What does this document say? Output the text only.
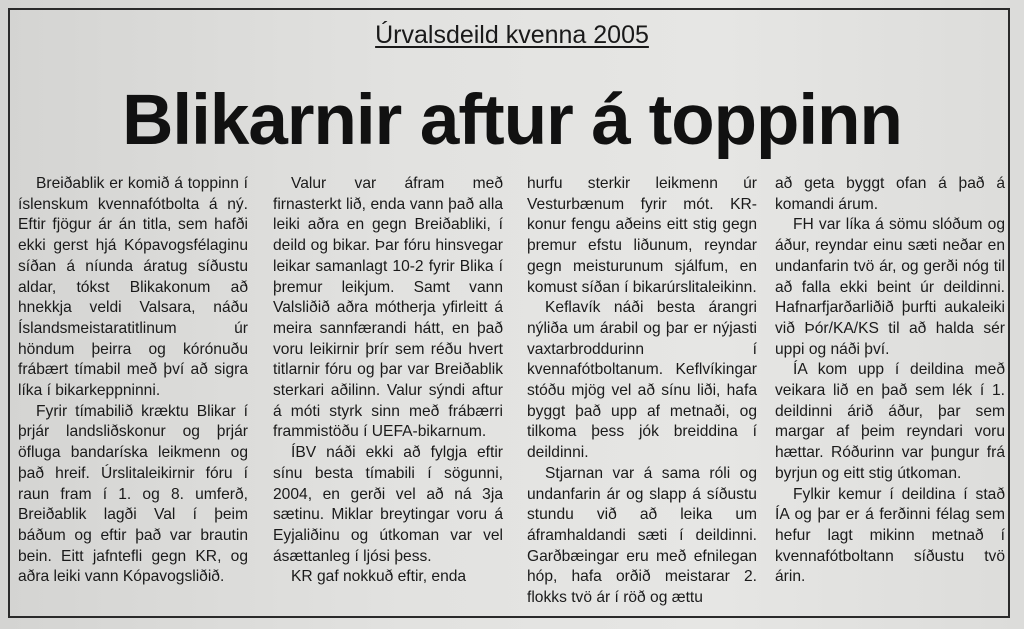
Úrvalsdeild kvenna 2005
Blikarnir aftur á toppinn

Breiðablik er komið á toppinn í íslenskum kvennafótbolta á ný. Eftir fjögur ár án titla, sem hafði ekki gerst hjá Kópavogsfélaginu síðan á níunda áratug síðustu aldar, tókst Blikakonum að hnekkja veldi Valsara, náðu Íslandsmeistaratitlinum úr höndum þeirra og kórónuðu frábært tímabil með því að sigra líka í bikarkeppninni.

Fyrir tímabilið kræktu Blikar í þrjár landsliðskonur og þrjár öfluga bandaríska leikmenn og það hreif. Úrslitaleikirnir fóru í raun fram í 1. og 8. umferð, Breiðablik lagði Val í þeim báðum og eftir það var brautin bein. Eitt jafntefli gegn KR, og aðra leiki vann Kópavogsliðið.

Valur var áfram með firnasterkt lið, enda vann það alla leiki aðra en gegn Breiðabliki, í deild og bikar. Þar fóru hinsvegar leikar samanlagt 10-2 fyrir Blika í þremur leikjum. Samt vann Valsliðið aðra mótherja yfirleitt á meira sannfærandi hátt, en það voru leikirnir þrír sem réðu hvert titlarnir fóru og þar var Breiðablik sterkari aðilinn. Valur sýndi aftur á móti styrk sinn með frábærri frammistöðu í UEFA-bikarnum.

ÍBV náði ekki að fylgja eftir sínu besta tímabili í sögunni, 2004, en gerði vel að ná 3ja sætinu. Miklar breytingar voru á Eyjaliðinu og útkoman var vel ásættanleg í ljósi þess.

KR gaf nokkuð eftir, enda

hurfu sterkir leikmenn úr Vesturbænum fyrir mót. KR-konur fengu aðeins eitt stig gegn þremur efstu liðunum, reyndar gegn meisturunum sjálfum, en komust síðan í bikarúrslitaleikinn.

Keflavík náði besta árangri nýliða um árabil og þar er nýjasti vaxtarbroddurinn í kvennafótboltanum. Keflvíkingar stóðu mjög vel að sínu liði, hafa byggt það upp af metnaði, og tilkoma þess jók breiddina í deildinni.

Stjarnan var á sama róli og undanfarin ár og slapp á síðustu stundu við að leika um áframhaldandi sæti í deildinni. Garðbæingar eru með efnilegan hóp, hafa orðið meistarar 2. flokks tvö ár í röð og ættu

að geta byggt ofan á það á komandi árum.

FH var líka á sömu slóðum og áður, reyndar einu sæti neðar en undanfarin tvö ár, og gerði nóg til að falla ekki beint úr deildinni. Hafnarfjarðarliðið þurfti aukaleiki við Þór/KA/KS til að halda sér uppi og náði því.

ÍA kom upp í deildina með veikara lið en það sem lék í 1. deildinni árið áður, þar sem margar af þeim reyndari voru hættar. Róðurinn var þungur frá byrjun og eitt stig útkoman.

Fylkir kemur í deildina í stað ÍA og þar er á ferðinni félag sem hefur lagt mikinn metnað í kvennafótboltann síðustu tvö árin.
